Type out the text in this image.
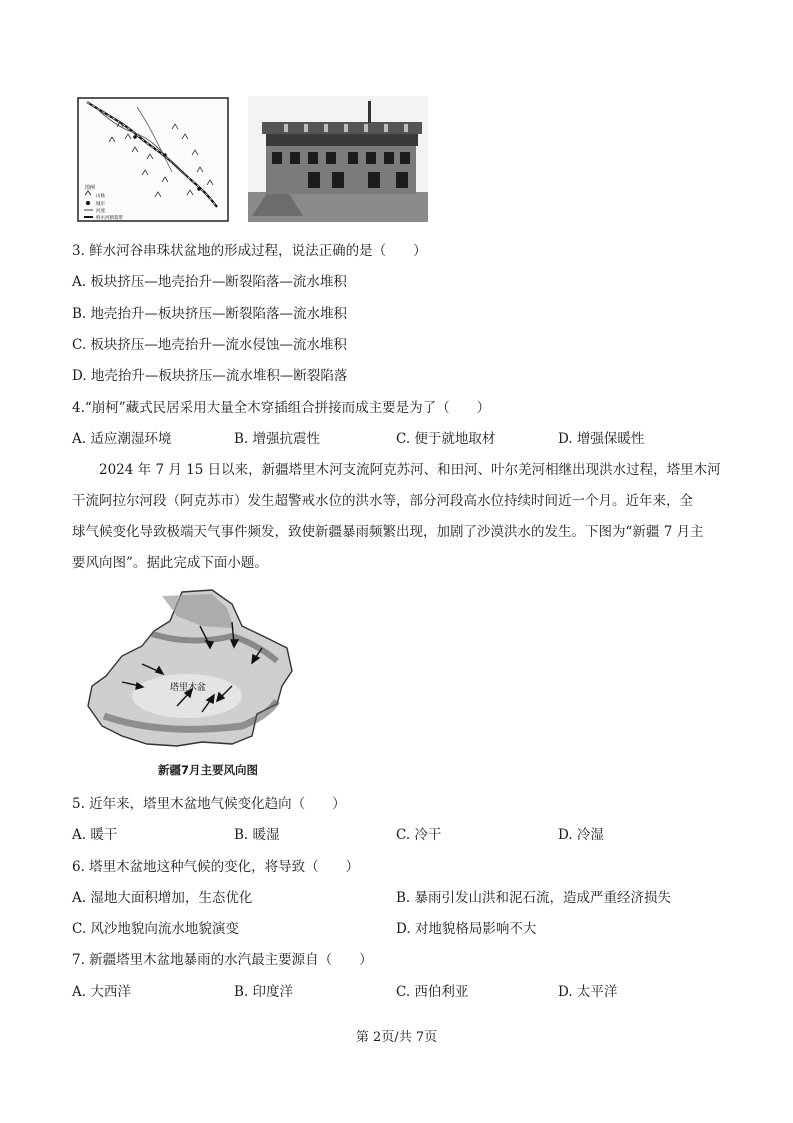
图例
山脉
城市
河流
鲜水河断裂带
3. 鲜水河谷串珠状盆地的形成过程，说法正确的是（　　）
A. 板块挤压—地壳抬升—断裂陷落—流水堆积
B. 地壳抬升—板块挤压—断裂陷落—流水堆积
C. 板块挤压—地壳抬升—流水侵蚀—流水堆积
D. 地壳抬升—板块挤压—流水堆积—断裂陷落
4.“崩柯”藏式民居采用大量全木穿插组合拼接而成主要是为了（　　）
A. 适应潮湿环境	B. 增强抗震性	C. 便于就地取材	D. 增强保暖性
2024 年 7 月 15 日以来，新疆塔里木河支流阿克苏河、和田河、叶尔羌河相继出现洪水过程，塔里木河
干流阿拉尔河段（阿克苏市）发生超警戒水位的洪水等，部分河段高水位持续时间近一个月。近年来，全
球气候变化导致极端天气事件频发，致使新疆暴雨频繁出现，加剧了沙漠洪水的发生。下图为“新疆 7 月主
要风向图”。据此完成下面小题。
塔里木盆
新疆7月主要风向图
5. 近年来，塔里木盆地气候变化趋向（　　）
A. 暖干	B. 暖湿	C. 冷干	D. 冷湿
6. 塔里木盆地这种气候的变化，将导致（　　）
A. 湿地大面积增加，生态优化	B. 暴雨引发山洪和泥石流，造成严重经济损失
C. 风沙地貌向流水地貌演变	D. 对地貌格局影响不大
7. 新疆塔里木盆地暴雨的水汽最主要源自（　　）
A. 大西洋	B. 印度洋	C. 西伯利亚	D. 太平洋
第 2页/共 7页
